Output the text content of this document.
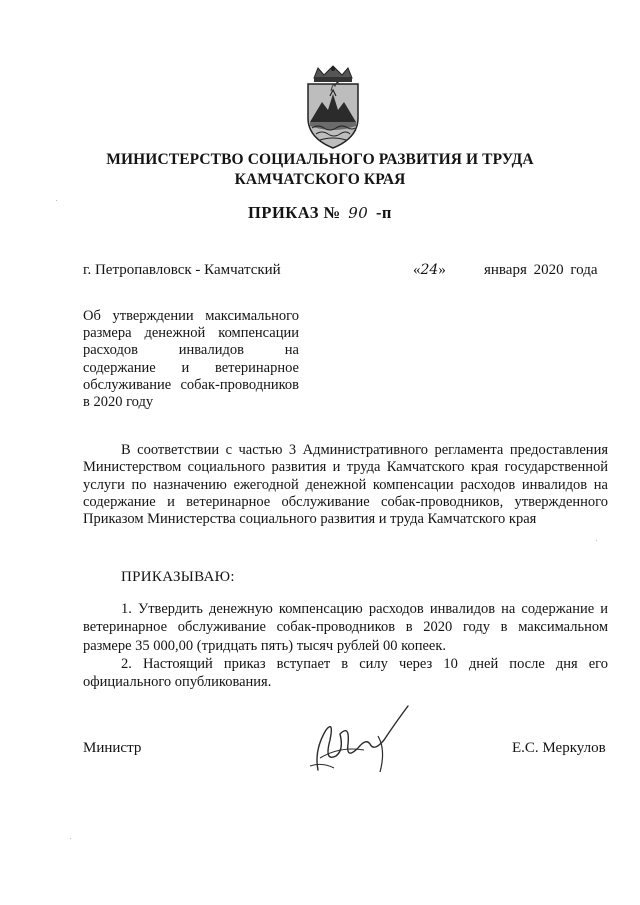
МИНИСТЕРСТВО СОЦИАЛЬНОГО РАЗВИТИЯ И ТРУДА
КАМЧАТСКОГО КРАЯ
ПРИКАЗ № 90 -п
г. Петропавловск - Камчатский	«24»	января 2020 года
Об утверждении максимального размера денежной компенсации расходов инвалидов на содержание и ветеринарное обслуживание собак-проводников в 2020 году
В соответствии с частью 3 Административного регламента предоставления Министерством социального развития и труда Камчатского края государственной услуги по назначению ежегодной денежной компенсации расходов инвалидов на содержание и ветеринарное обслуживание собак-проводников, утвержденного Приказом Министерства социального развития и труда Камчатского края
ПРИКАЗЫВАЮ:

1. Утвердить денежную компенсацию расходов инвалидов на содержание и ветеринарное обслуживание собак-проводников в 2020 году в максимальном размере 35 000,00 (тридцать пять) тысяч рублей 00 копеек.

2. Настоящий приказ вступает в силу через 10 дней после дня его официального опубликования.

Министр	Е.С. Меркулов
